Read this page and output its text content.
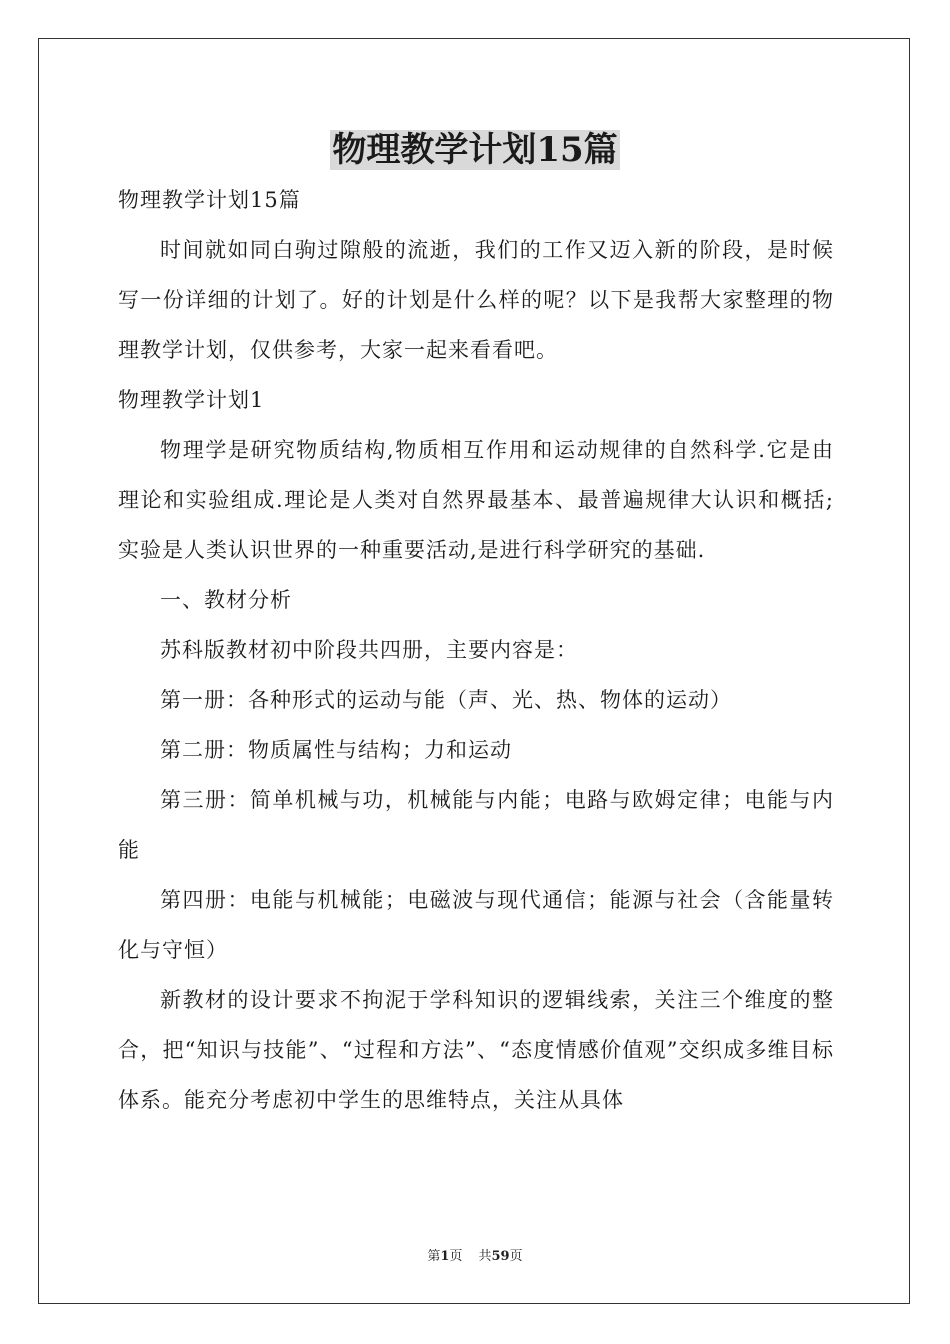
物理教学计划15篇

物理教学计划15篇

时间就如同白驹过隙般的流逝，我们的工作又迈入新的阶段，是时候写一份详细的计划了。好的计划是什么样的呢？以下是我帮大家整理的物理教学计划，仅供参考，大家一起来看看吧。

物理教学计划1

物理学是研究物质结构,物质相互作用和运动规律的自然科学.它是由理论和实验组成.理论是人类对自然界最基本、最普遍规律大认识和概括;实验是人类认识世界的一种重要活动,是进行科学研究的基础.

一、教材分析

苏科版教材初中阶段共四册，主要内容是：

第一册：各种形式的运动与能（声、光、热、物体的运动）

第二册：物质属性与结构；力和运动

第三册：简单机械与功，机械能与内能；电路与欧姆定律；电能与内能

第四册：电能与机械能；电磁波与现代通信；能源与社会（含能量转化与守恒）

新教材的设计要求不拘泥于学科知识的逻辑线索，关注三个维度的整合，把“知识与技能”、“过程和方法”、“态度情感价值观”交织成多维目标体系。能充分考虑初中学生的思维特点，关注从具体

第1页 共59页
